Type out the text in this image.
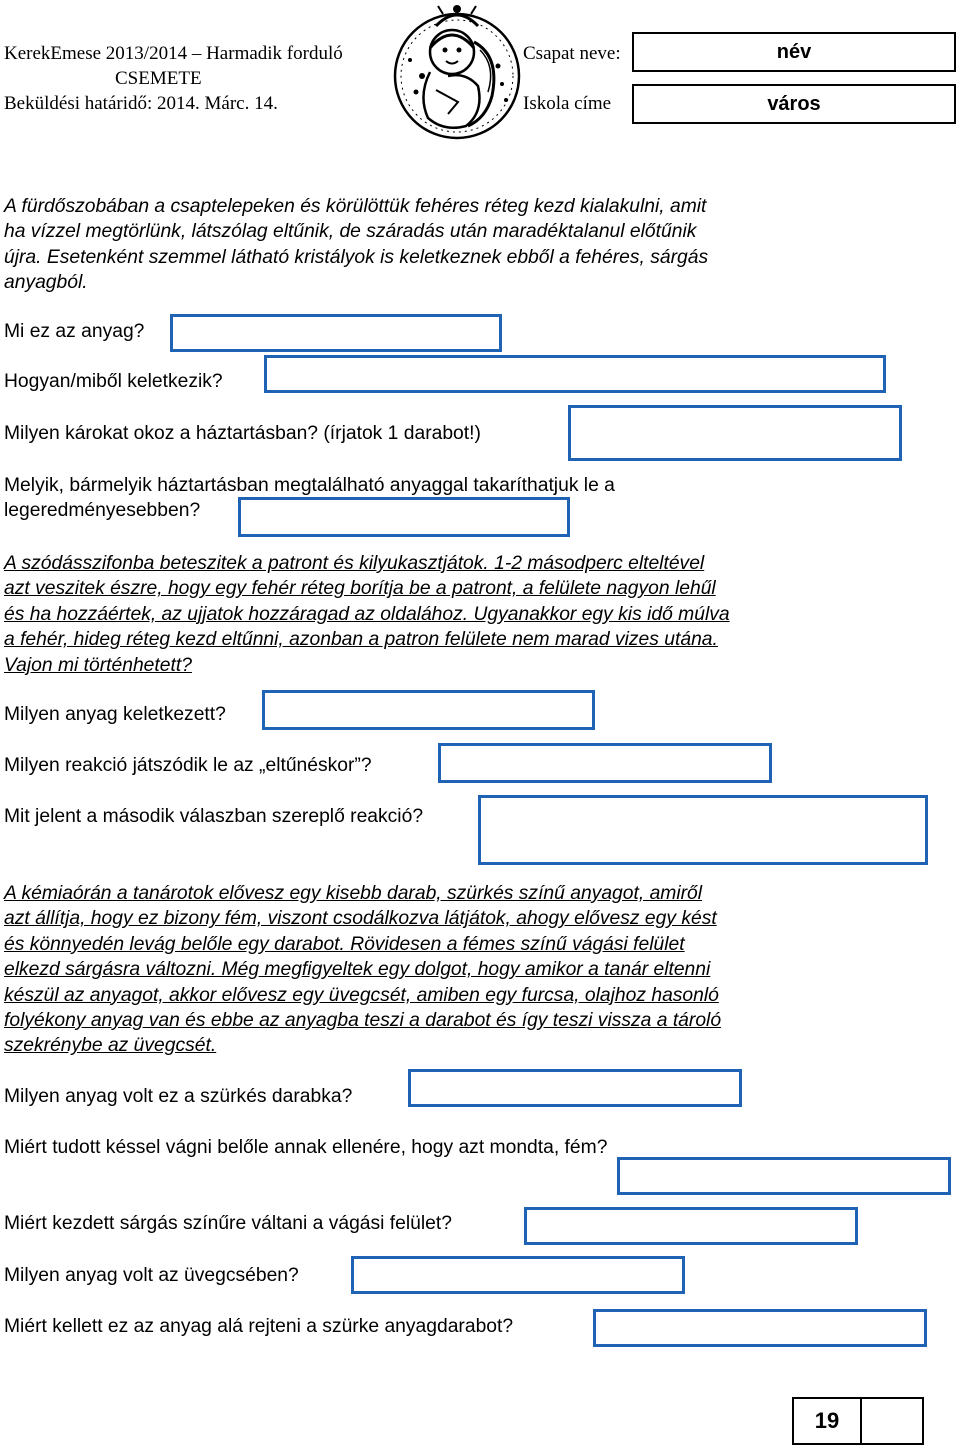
KerekEmese 2013/2014 – Harmadik forduló
CSEMETE
Beküldési határidő: 2014. Márc. 14.
Csapat neve:
Iskola címe
név
város
A fürdőszobában a csaptelepeken és körülöttük fehéres réteg kezd kialakulni, amit
ha vízzel megtörlünk, látszólag eltűnik, de száradás után maradéktalanul előtűnik
újra. Esetenként szemmel látható kristályok is keletkeznek ebből a fehéres, sárgás
anyagból.
Mi ez az anyag?
Hogyan/miből keletkezik?
Milyen károkat okoz a háztartásban? (írjatok 1 darabot!)
Melyik, bármelyik háztartásban megtalálható anyaggal takaríthatjuk le a
legeredményesebben?
A szódásszifonba beteszitek a patront és kilyukasztjátok. 1-2 másodperc elteltével
azt veszitek észre, hogy egy fehér réteg borítja be a patront, a felülete nagyon lehűl
és ha hozzáértek, az ujjatok hozzáragad az oldalához. Ugyanakkor egy kis idő múlva
a fehér, hideg réteg kezd eltűnni, azonban a patron felülete nem marad vizes utána.
Vajon mi történhetett?
Milyen anyag keletkezett?
Milyen reakció játszódik le az „eltűnéskor”?
Mit jelent a második válaszban szereplő reakció?
A kémiaórán a tanárotok elővesz egy kisebb darab, szürkés színű anyagot, amiről
azt állítja, hogy ez bizony fém, viszont csodálkozva látjátok, ahogy elővesz egy kést
és könnyedén levág belőle egy darabot. Rövidesen a fémes színű vágási felület
elkezd sárgásra változni. Még megfigyeltek egy dolgot, hogy amikor a tanár eltenni
készül az anyagot, akkor elővesz egy üvegcsét, amiben egy furcsa, olajhoz hasonló
folyékony anyag van és ebbe az anyagba teszi a darabot és így teszi vissza a tároló
szekrénybe az üvegcsét.
Milyen anyag volt ez a szürkés darabka?
Miért tudott késsel vágni belőle annak ellenére, hogy azt mondta, fém?
Miért kezdett sárgás színűre váltani a vágási felület?
Milyen anyag volt az üvegcsében?
Miért kellett ez az anyag alá rejteni a szürke anyagdarabot?
19
